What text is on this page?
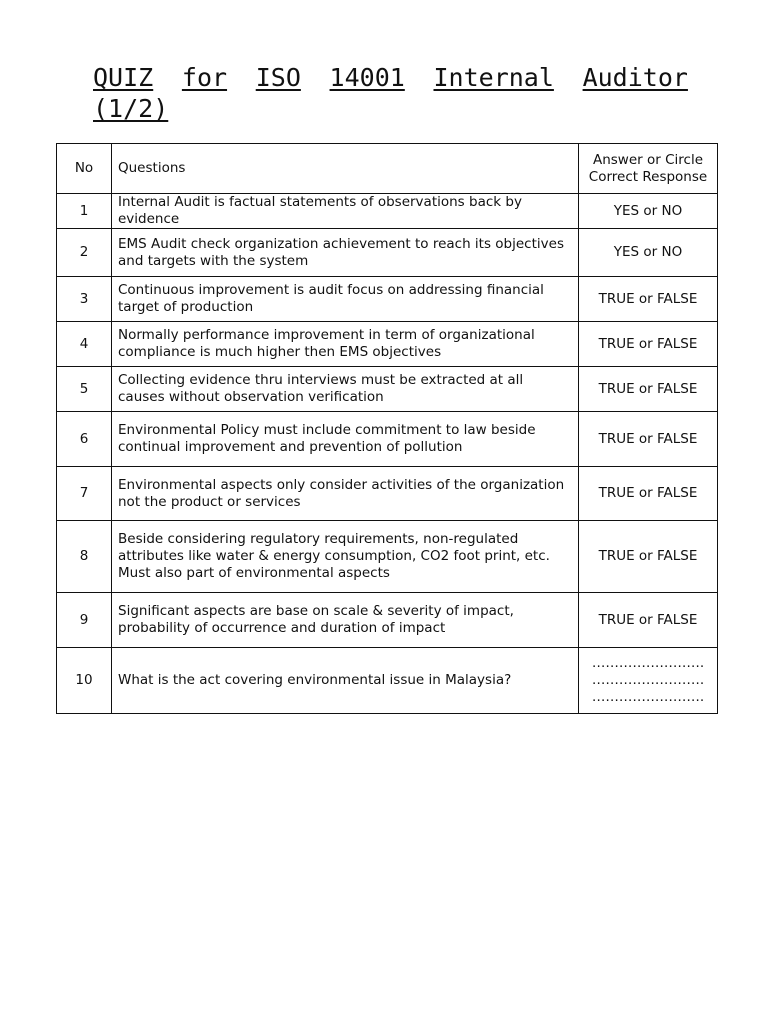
QUIZ for ISO 14001 Internal Auditor
(1/2)
No	Questions	Answer or Circle Correct Response
1	Internal Audit is factual statements of observations back by evidence	YES or NO
2	EMS Audit check organization achievement to reach its objectives and targets with the system	YES or NO
3	Continuous improvement is audit focus on addressing financial target of production	TRUE or FALSE
4	Normally performance improvement in term of organizational compliance is much higher then EMS objectives	TRUE or FALSE
5	Collecting evidence thru interviews must be extracted at all causes without observation verification	TRUE or FALSE
6	Environmental Policy must include commitment to law beside continual improvement and prevention of pollution	TRUE or FALSE
7	Environmental aspects only consider activities of the organization not the product or services	TRUE or FALSE
8	Beside considering regulatory requirements, non-regulated attributes like water & energy consumption, CO2 foot print, etc. Must also part of environmental aspects	TRUE or FALSE
9	Significant aspects are base on scale & severity of impact, probability of occurrence and duration of impact	TRUE or FALSE
10	What is the act covering environmental issue in Malaysia?	…………………….
…………………….
…………………….
